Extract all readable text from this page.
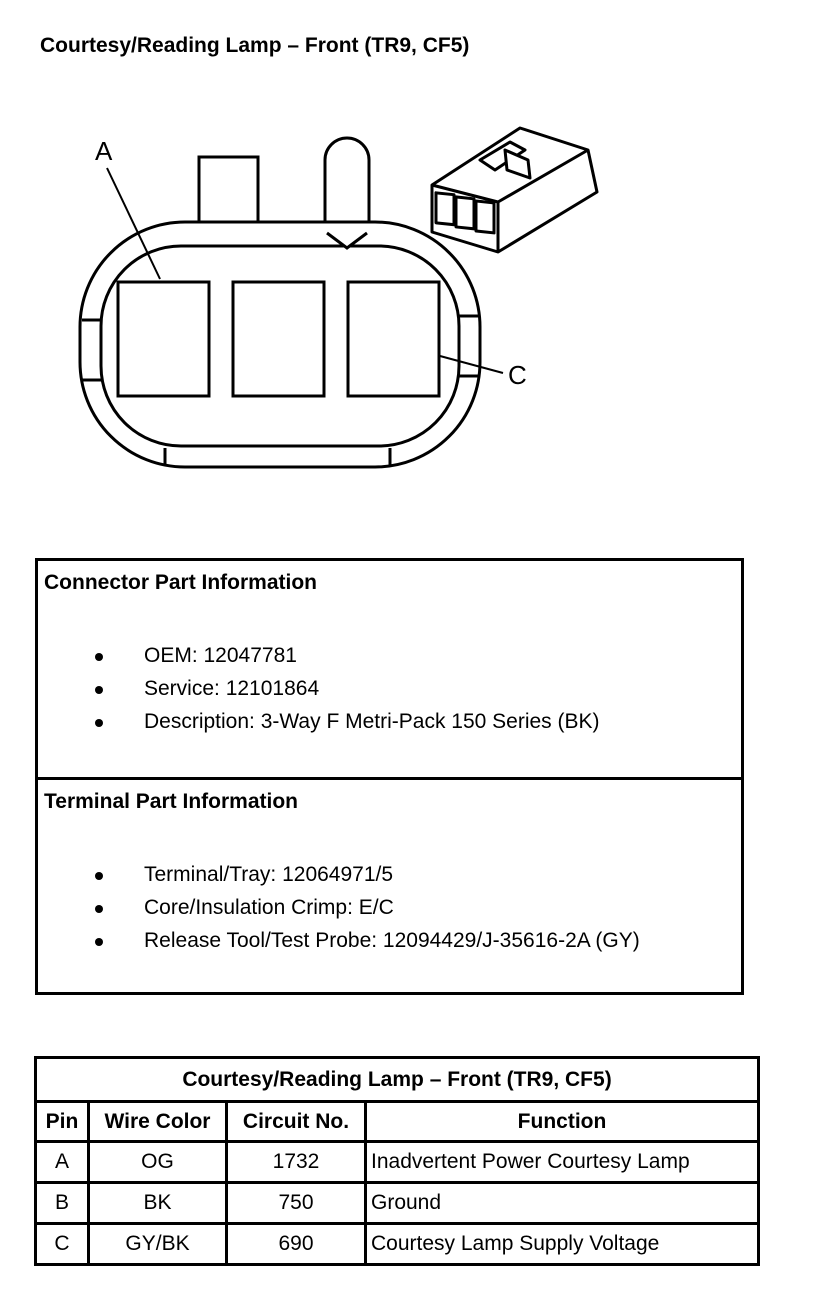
Courtesy/Reading Lamp – Front (TR9, CF5)
A
C
Connector Part Information
OEM: 12047781
Service: 12101864
Description: 3-Way F Metri-Pack 150 Series (BK)
Terminal Part Information
Terminal/Tray: 12064971/5
Core/Insulation Crimp: E/C
Release Tool/Test Probe: 12094429/J-35616-2A (GY)
Courtesy/Reading Lamp – Front (TR9, CF5)			
Pin	Wire Color	Circuit No.	Function
A	OG	1732	Inadvertent Power Courtesy Lamp
B	BK	750	Ground
C	GY/BK	690	Courtesy Lamp Supply Voltage
